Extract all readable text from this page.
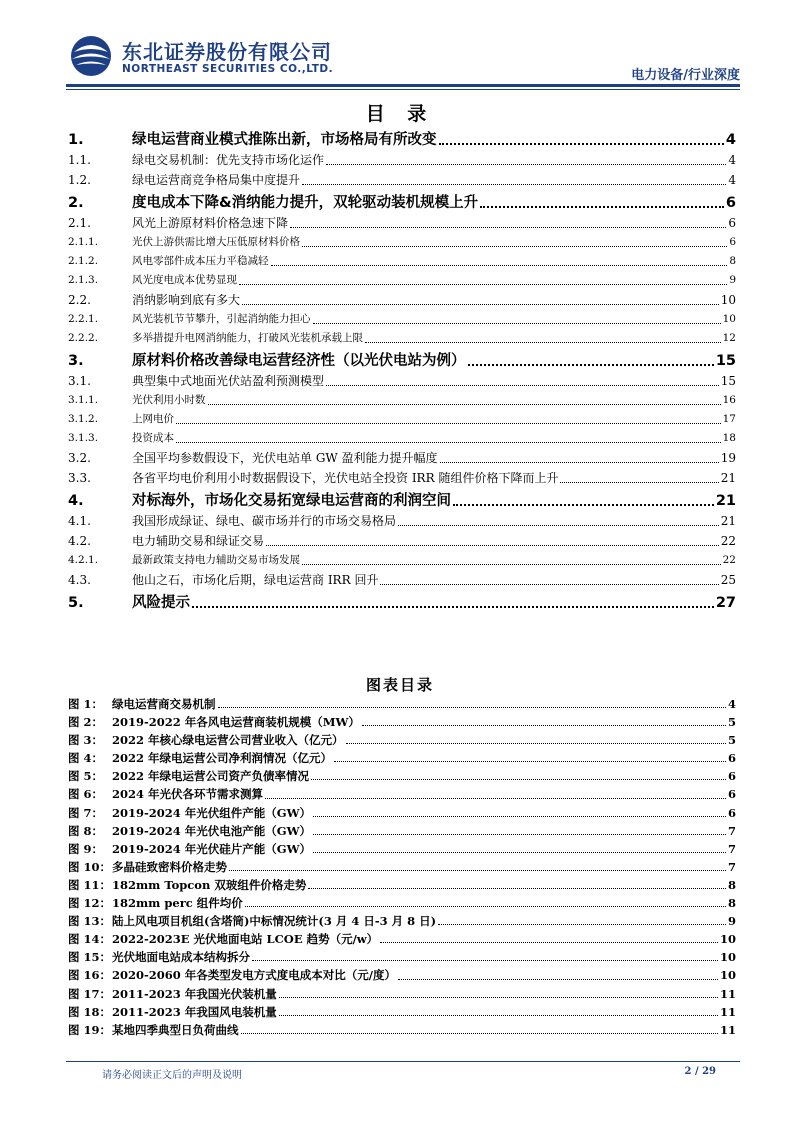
东北证券股份有限公司
NORTHEAST SECURITIES CO.,LTD.	电力设备/行业深度
目 录
1.	绿电运营商业模式推陈出新，市场格局有所改变	4
1.1.	绿电交易机制：优先支持市场化运作	4
1.2.	绿电运营商竞争格局集中度提升	4
2.	度电成本下降&消纳能力提升，双轮驱动装机规模上升	6
2.1.	风光上游原材料价格急速下降	6
2.1.1.	光伏上游供需比增大压低原材料价格	6
2.1.2.	风电零部件成本压力平稳减轻	8
2.1.3.	风光度电成本优势显现	9
2.2.	消纳影响到底有多大	10
2.2.1.	风光装机节节攀升，引起消纳能力担心	10
2.2.2.	多举措提升电网消纳能力，打破风光装机承载上限	12
3.	原材料价格改善绿电运营经济性（以光伏电站为例）	15
3.1.	典型集中式地面光伏站盈利预测模型	15
3.1.1.	光伏利用小时数	16
3.1.2.	上网电价	17
3.1.3.	投资成本	18
3.2.	全国平均参数假设下，光伏电站单 GW 盈利能力提升幅度	19
3.3.	各省平均电价利用小时数据假设下，光伏电站全投资 IRR 随组件价格下降而上升	21
4.	对标海外，市场化交易拓宽绿电运营商的利润空间	21
4.1.	我国形成绿证、绿电、碳市场并行的市场交易格局	21
4.2.	电力辅助交易和绿证交易	22
4.2.1.	最新政策支持电力辅助交易市场发展	22
4.3.	他山之石，市场化后期，绿电运营商 IRR 回升	25
5.	风险提示	27
图表目录
图 1： 绿电运营商交易机制	4
图 2： 2019-2022 年各风电运营商装机规模（MW）	5
图 3： 2022 年核心绿电运营公司营业收入（亿元）	5
图 4： 2022 年绿电运营公司净利润情况（亿元）	6
图 5： 2022 年绿电运营公司资产负债率情况	6
图 6： 2024 年光伏各环节需求测算	6
图 7： 2019-2024 年光伏组件产能（GW）	6
图 8： 2019-2024 年光伏电池产能（GW）	7
图 9： 2019-2024 年光伏硅片产能（GW）	7
图 10： 多晶硅致密料价格走势	7
图 11： 182mm Topcon 双玻组件价格走势	8
图 12： 182mm perc 组件均价	8
图 13： 陆上风电项目机组(含塔筒)中标情况统计(3 月 4 日-3 月 8 日)	9
图 14： 2022-2023E 光伏地面电站 LCOE 趋势（元/w）	10
图 15： 光伏地面电站成本结构拆分	10
图 16： 2020-2060 年各类型发电方式度电成本对比（元/度）	10
图 17： 2011-2023 年我国光伏装机量	11
图 18： 2011-2023 年我国风电装机量	11
图 19： 某地四季典型日负荷曲线	11
请务必阅读正文后的声明及说明	2 / 29
